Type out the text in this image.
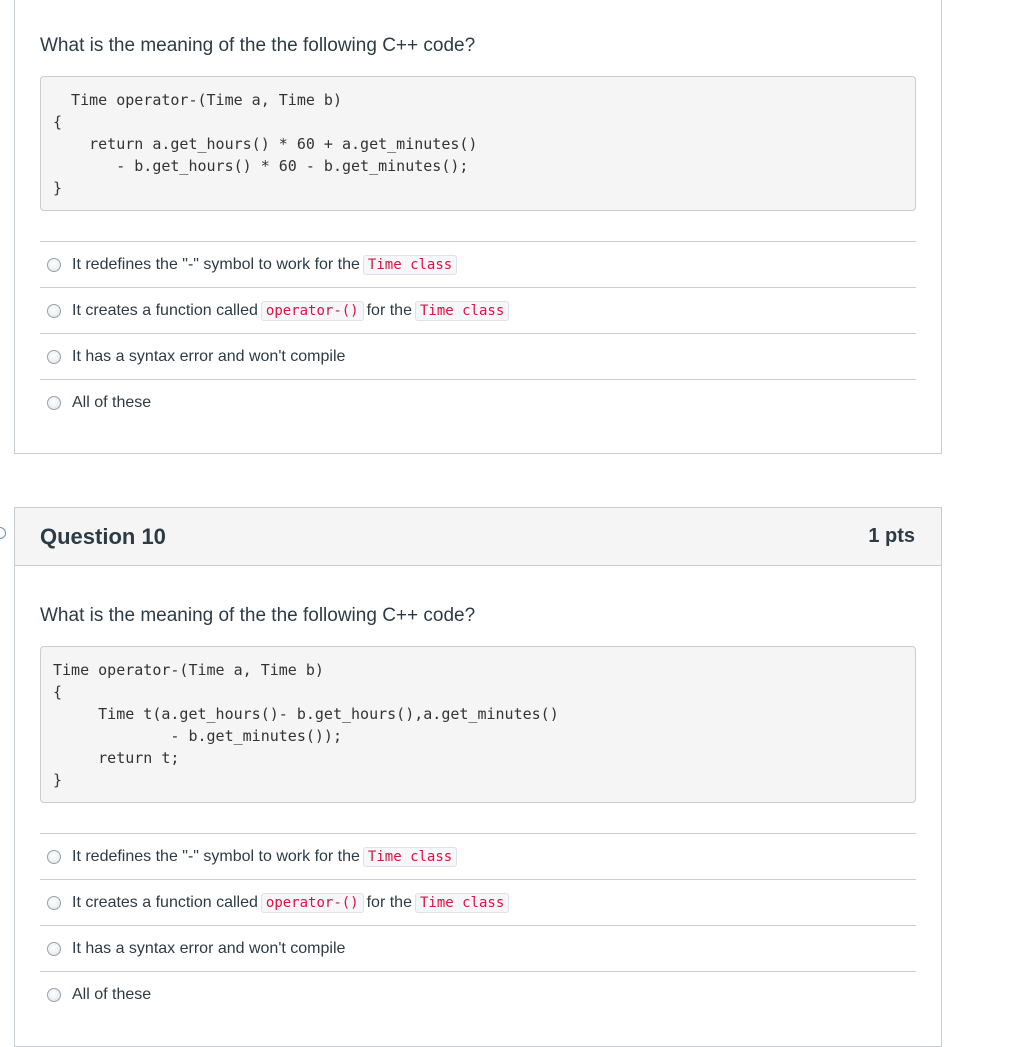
What is the meaning of the the following C++ code?

Time operator-(Time a, Time b)
{
return a.get_hours() * 60 + a.get_minutes()
- b.get_hours() * 60 - b.get_minutes();
}
It redefines the "-" symbol to work for the Time class
It creates a function called operator-() for the Time class
It has a syntax error and won't compile
All of these
Question 10	1 pts

What is the meaning of the the following C++ code?

Time operator-(Time a, Time b)
{
Time t(a.get_hours()- b.get_hours(),a.get_minutes()
- b.get_minutes());
return t;
}
It redefines the "-" symbol to work for the Time class
It creates a function called operator-() for the Time class
It has a syntax error and won't compile
All of these
